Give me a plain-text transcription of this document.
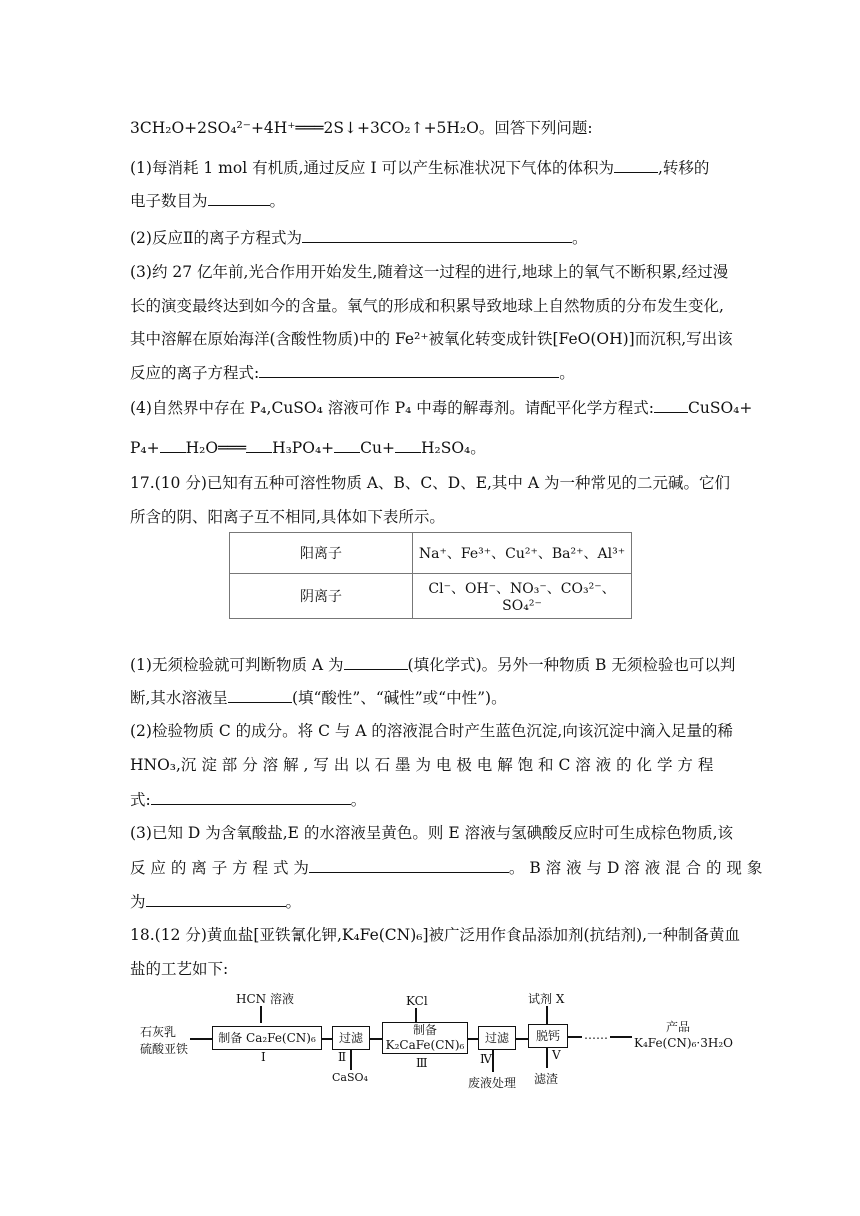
3CH₂O+2SO₄²⁻+4H⁺═══2S↓+3CO₂↑+5H₂O。回答下列问题:
(1)每消耗 1 mol 有机质,通过反应 Ⅰ 可以产生标准状况下气体的体积为	,转移的
电子数目为	。
(2)反应Ⅱ的离子方程式为	。
(3)约 27 亿年前,光合作用开始发生,随着这一过程的进行,地球上的氧气不断积累,经过漫
长的演变最终达到如今的含量。氧气的形成和积累导致地球上自然物质的分布发生变化,
其中溶解在原始海洋(含酸性物质)中的 Fe²⁺被氧化转变成针铁[FeO(OH)]而沉积,写出该
反应的离子方程式:	。
(4)自然界中存在 P₄,CuSO₄ 溶液可作 P₄ 中毒的解毒剂。请配平化学方程式: CuSO₄+
P₄+ H₂O═══ H₃PO₄+ Cu+ H₂SO₄。
17.(10 分)已知有五种可溶性物质 A、B、C、D、E,其中 A 为一种常见的二元碱。它们
所含的阴、阳离子互不相同,具体如下表所示。
阳离子	Na⁺、Fe³⁺、Cu²⁺、Ba²⁺、Al³⁺
阴离子	Cl⁻、OH⁻、NO₃⁻、CO₃²⁻、SO₄²⁻
(1)无须检验就可判断物质 A 为	(填化学式)。另外一种物质 B 无须检验也可以判
断,其水溶液呈	(填“酸性”、“碱性”或“中性”)。
(2)检验物质 C 的成分。将 C 与 A 的溶液混合时产生蓝色沉淀,向该沉淀中滴入足量的稀
HNO₃,沉 淀 部 分 溶 解 , 写 出 以 石 墨 为 电 极 电 解 饱 和 C 溶 液 的 化 学 方 程
式:	。
(3)已知 D 为含氧酸盐,E 的水溶液呈黄色。则 E 溶液与氢碘酸反应时可生成棕色物质,该
反 应 的 离 子 方 程 式 为	。 B 溶 液 与 D 溶 液 混 合 的 现 象
为	。
18.(12 分)黄血盐[亚铁氰化钾,K₄Fe(CN)₆]被广泛用作食品添加剂(抗结剂),一种制备黄血
盐的工艺如下:
HCN 溶液
石灰乳
硫酸亚铁
制备 Ca₂Fe(CN)₆
Ⅰ
过滤
Ⅱ
CaSO₄
KCl
制备
K₂CaFe(CN)₆
Ⅲ
过滤
Ⅳ
废液处理
试剂 X
脱钙
Ⅴ
滤渣
……
产品
K₄Fe(CN)₆·3H₂O
